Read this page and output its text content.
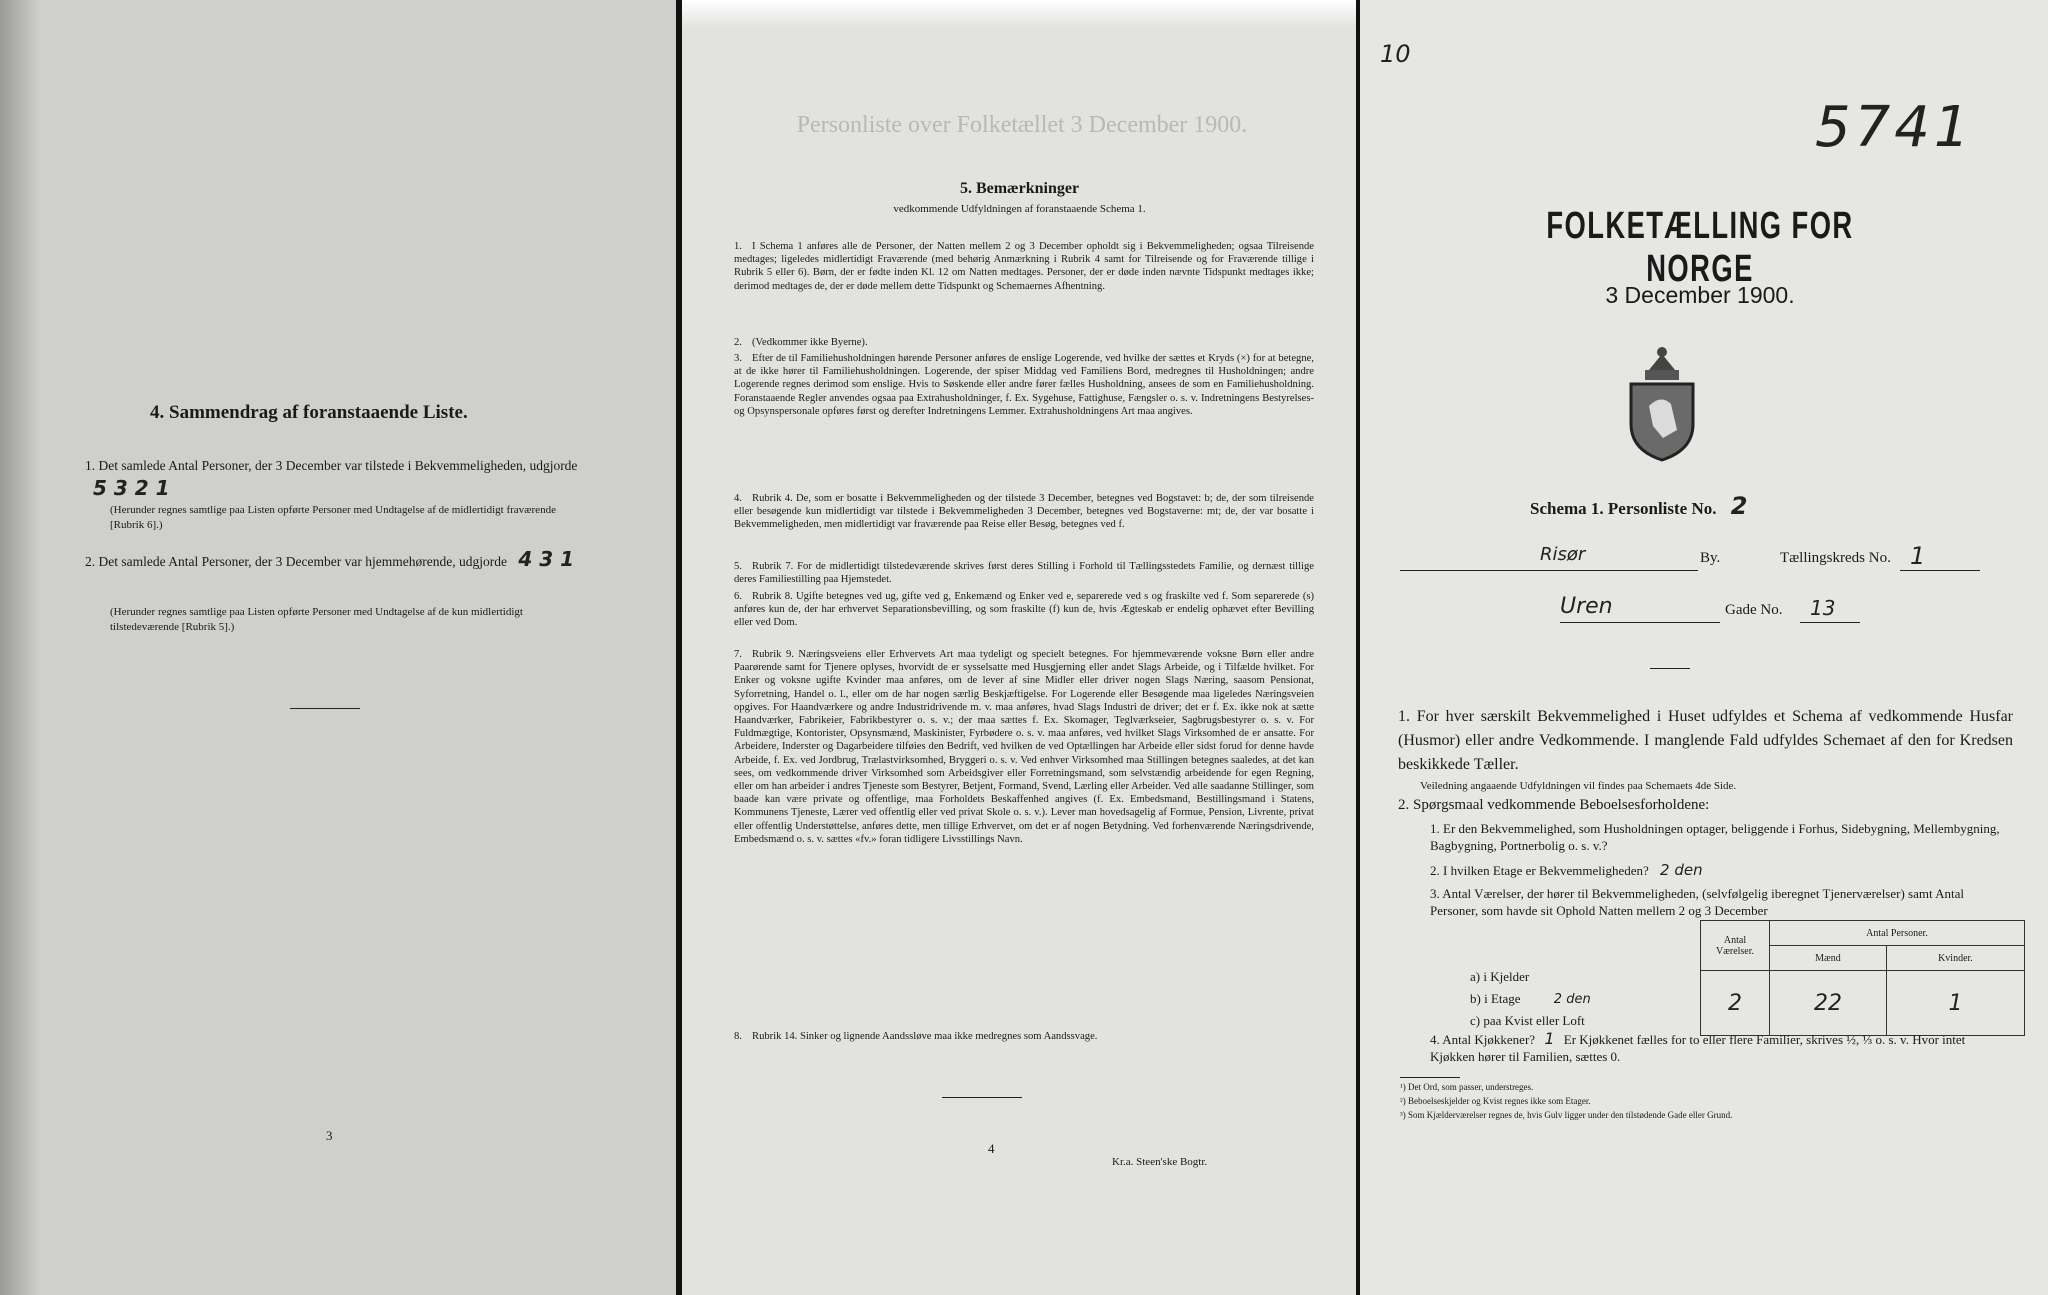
4. Sammendrag af foranstaaende Liste.
1. Det samlede Antal Personer, der 3 December var tilstede i Bekvemmeligheden, udgjorde 5 3 2 1
(Herunder regnes samtlige paa Listen opførte Personer med Undtagelse af de midlertidigt fraværende [Rubrik 6].)
2. Det samlede Antal Personer, der 3 December var hjemmehørende, udgjorde 4 3 1
(Herunder regnes samtlige paa Listen opførte Personer med Undtagelse af de kun midlertidigt tilstedeværende [Rubrik 5].)
3
Personliste over Folketællet 3 December 1900.
5. Bemærkninger
vedkommende Udfyldningen af foranstaaende Schema 1.
1. I Schema 1 anføres alle de Personer, der Natten mellem 2 og 3 December opholdt sig i Bekvemmeligheden; ogsaa Tilreisende medtages; ligeledes midlertidigt Fraværende (med behørig Anmærkning i Rubrik 4 samt for Tilreisende og for Fraværende tillige i Rubrik 5 eller 6). Børn, der er fødte inden Kl. 12 om Natten medtages. Personer, der er døde inden nævnte Tidspunkt medtages ikke; derimod medtages de, der er døde mellem dette Tidspunkt og Schemaernes Afhentning.
2. (Vedkommer ikke Byerne).
3. Efter de til Familiehusholdningen hørende Personer anføres de enslige Logerende, ved hvilke der sættes et Kryds (×) for at betegne, at de ikke hører til Familiehusholdningen. Logerende, der spiser Middag ved Familiens Bord, medregnes til Husholdningen; andre Logerende regnes derimod som enslige. Hvis to Søskende eller andre fører fælles Husholdning, ansees de som en Familiehusholdning. Foranstaaende Regler anvendes ogsaa paa Extrahusholdninger, f. Ex. Sygehuse, Fattighuse, Fængsler o. s. v. Indretningens Bestyrelses- og Opsynspersonale opføres først og derefter Indretningens Lemmer. Extrahusholdningens Art maa angives.
4. Rubrik 4. De, som er bosatte i Bekvemmeligheden og der tilstede 3 December, betegnes ved Bogstavet: b; de, der som tilreisende eller besøgende kun midlertidigt var tilstede i Bekvemmeligheden 3 December, betegnes ved Bogstaverne: mt; de, der var bosatte i Bekvemmeligheden, men midlertidigt var fraværende paa Reise eller Besøg, betegnes ved f.
5. Rubrik 7. For de midlertidigt tilstedeværende skrives først deres Stilling i Forhold til Tællingsstedets Familie, og dernæst tillige deres Familiestilling paa Hjemstedet.
6. Rubrik 8. Ugifte betegnes ved ug, gifte ved g, Enkemænd og Enker ved e, separerede ved s og fraskilte ved f. Som separerede (s) anføres kun de, der har erhvervet Separationsbevilling, og som fraskilte (f) kun de, hvis Ægteskab er endelig ophævet efter Bevilling eller ved Dom.
7. Rubrik 9. Næringsveiens eller Erhvervets Art maa tydeligt og specielt betegnes. For hjemmeværende voksne Børn eller andre Paarørende samt for Tjenere oplyses, hvorvidt de er sysselsatte med Husgjerning eller andet Slags Arbeide, og i Tilfælde hvilket. For Enker og voksne ugifte Kvinder maa anføres, om de lever af sine Midler eller driver nogen Slags Næring, saasom Pensionat, Syforretning, Handel o. l., eller om de har nogen særlig Beskjæftigelse. For Logerende eller Besøgende maa ligeledes Næringsveien opgives. For Haandværkere og andre Industridrivende m. v. maa anføres, hvad Slags Industri de driver; det er f. Ex. ikke nok at sætte Haandværker, Fabrikeier, Fabrikbestyrer o. s. v.; der maa sættes f. Ex. Skomager, Teglværkseier, Sagbrugsbestyrer o. s. v. For Fuldmægtige, Kontorister, Opsynsmænd, Maskinister, Fyrbødere o. s. v. maa anføres, ved hvilket Slags Virksomhed de er ansatte. For Arbeidere, Inderster og Dagarbeidere tilføies den Bedrift, ved hvilken de ved Optællingen har Arbeide eller sidst forud for denne havde Arbeide, f. Ex. ved Jordbrug, Trælastvirksomhed, Bryggeri o. s. v. Ved enhver Virksomhed maa Stillingen betegnes saaledes, at det kan sees, om vedkommende driver Virksomhed som Arbeidsgiver eller Forretningsmand, som selvstændig arbeidende for egen Regning, eller om han arbeider i andres Tjeneste som Bestyrer, Betjent, Formand, Svend, Lærling eller Arbeider. Ved alle saadanne Stillinger, som baade kan være private og offentlige, maa Forholdets Beskaffenhed angives (f. Ex. Embedsmand, Bestillingsmand i Statens, Kommunens Tjeneste, Lærer ved offentlig eller ved privat Skole o. s. v.). Lever man hovedsagelig af Formue, Pension, Livrente, privat eller offentlig Understøttelse, anføres dette, men tillige Erhvervet, om det er af nogen Betydning. Ved forhenværende Næringsdrivende, Embedsmænd o. s. v. sættes «fv.» foran tidligere Livsstillings Navn.
8. Rubrik 14. Sinker og lignende Aandssløve maa ikke medregnes som Aandssvage.
4
Kr.a. Steen'ske Bogtr.
10
5741
FOLKETÆLLING FOR NORGE
3 December 1900.
Schema 1. Personliste No. 2
Risør	By.	Tællingskreds No. 1
Uren	Gade No. 13
1. For hver særskilt Bekvemmelighed i Huset udfyldes et Schema af vedkommende Husfar (Husmor) eller andre Vedkommende. I manglende Fald udfyldes Schemaet af den for Kredsen beskikkede Tæller.
Veiledning angaaende Udfyldningen vil findes paa Schemaets 4de Side.
2. Spørgsmaal vedkommende Beboelsesforholdene:
1. Er den Bekvemmelighed, som Husholdningen optager, beliggende i Forhus, Sidebygning, Mellembygning, Bagbygning, Portnerbolig o. s. v.?
2. I hvilken Etage er Bekvemmeligheden? 2 den
3. Antal Værelser, der hører til Bekvemmeligheden, (selvfølgelig iberegnet Tjenerværelser) samt Antal Personer, som havde sit Ophold Natten mellem 2 og 3 December
Antal Værelser.	Antal Personer.	
	Mænd	Kvinder.
2	22	1
a) i Kjelder
b) i Etage	2 den
c) paa Kvist eller Loft
4. Antal Kjøkkener? 1 Er Kjøkkenet fælles for to eller flere Familier, skrives ½, ⅓ o. s. v. Hvor intet Kjøkken hører til Familien, sættes 0.
¹) Det Ord, som passer, understreges.
²) Beboelseskjelder og Kvist regnes ikke som Etager.
³) Som Kjælderværelser regnes de, hvis Gulv ligger under den tilstødende Gade eller Grund.
